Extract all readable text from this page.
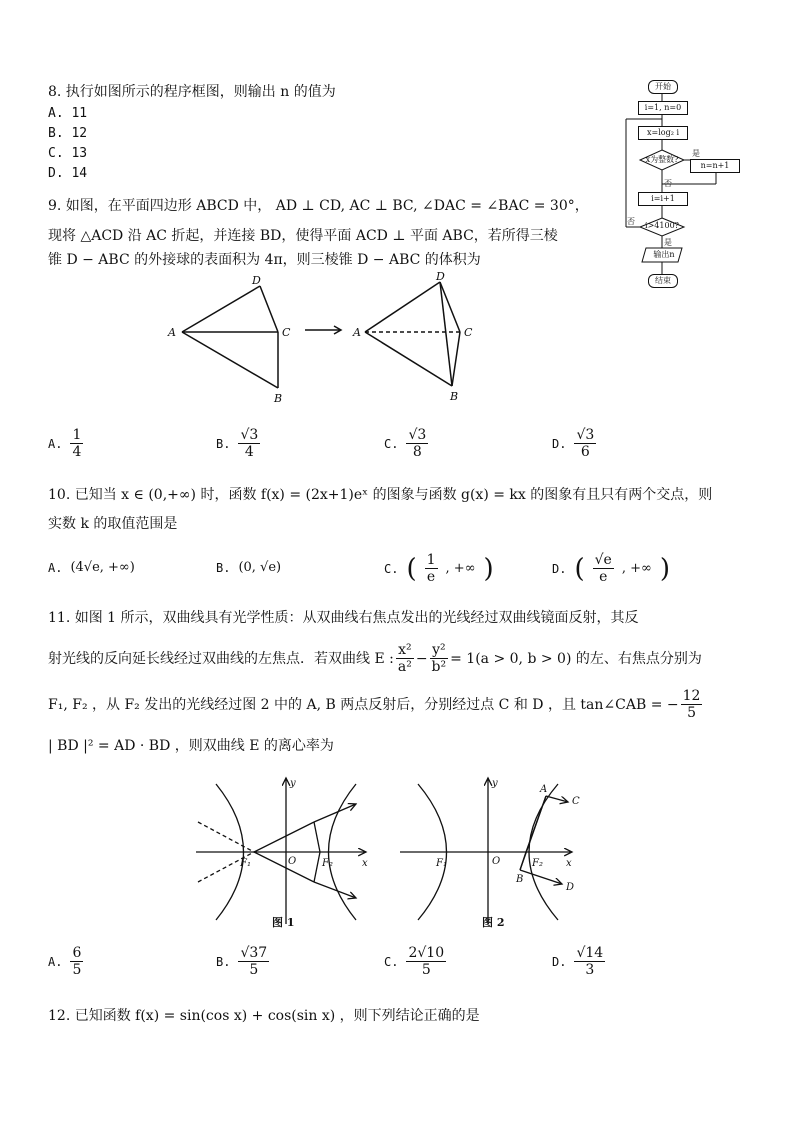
8. 执行如图所示的程序框图，则输出 n 的值为
A. 11
B. 12
C. 13
D. 14
开始
i=1, n=0
x=log₂ i
x为整数?
是
n=n+1
否
i=i+1
i>4100?
否
是
输出n
结束
9. 如图，在平面四边形 ABCD 中， AD ⊥ CD, AC ⊥ BC, ∠DAC = ∠BAC = 30°，
现将 △ACD 沿 AC 折起，并连接 BD，使得平面 ACD ⊥ 平面 ABC，若所得三棱
锥 D − ABC 的外接球的表面积为 4π，则三棱锥 D − ABC 的体积为
A
D
C
B
A
D
C
B
A. $\frac{1}{4}$	B. $\frac{√3}{4}$	C. $\frac{√3}{8}$	D. $\frac{√3}{6}$
10. 已知当 x ∈ (0,+∞) 时，函数 f(x) = (2x+1)eˣ 的图象与函数 g(x) = kx 的图象有且只有两个交点，则
实数 k 的取值范围是
A. (4√e, +∞)	B. (0, √e)	C. ( $\frac{1}{e}$ , +∞ )	D. ( $\frac{√e}{e}$ , +∞ )
11. 如图 1 所示，双曲线具有光学性质：从双曲线右焦点发出的光线经过双曲线镜面反射，其反
射光线的反向延长线经过双曲线的左焦点．若双曲线 E : $\frac{\text{x²}}{\text{a²}} - \frac{\text{y²}}{\text{b²}} = 1(a > 0$, b > 0) 的左、右焦点分别为
F₁, F₂ ，从 F₂ 发出的光线经过图 2 中的 A, B 两点反射后，分别经过点 C 和 D ，且 tan∠CAB = − $\frac{12}{5}$
| BD |² = AD · BD ，则双曲线 E 的离心率为
y
x
O
F₁	F₂
图 1
y
x
O
F₁	F₂
A
B
C
D
图 2
A. $\frac{6}{5}$	B. $\frac{√37}{5}$	C. $\frac{2√10}{5}$	D. $\frac{√14}{3}$
12. 已知函数 f(x) = sin(cos x) + cos(sin x) ，则下列结论正确的是
